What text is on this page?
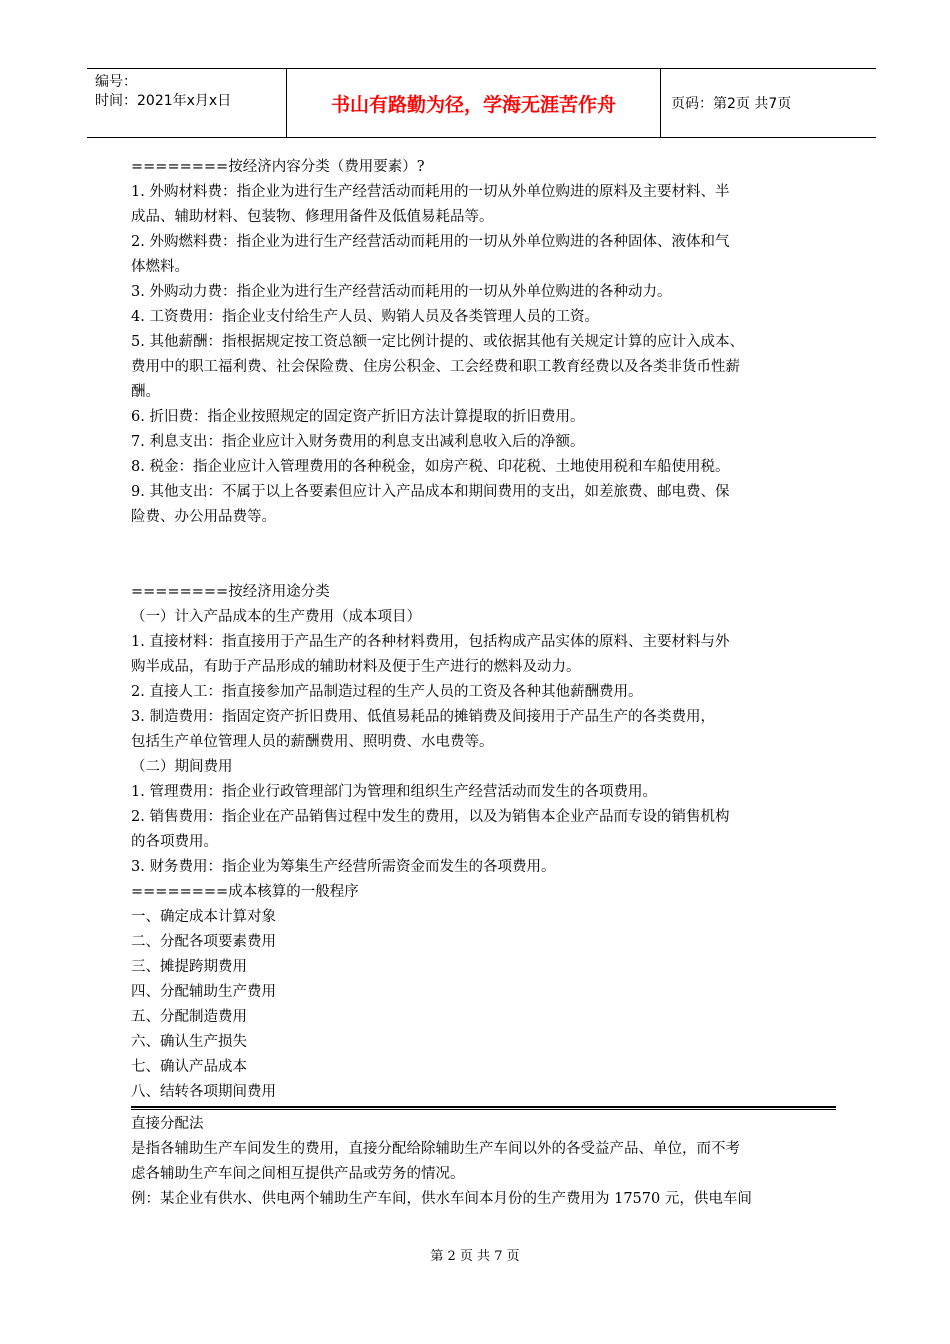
编号：
时间：2021年x月x日	书山有路勤为径，学海无涯苦作舟	页码：第2页 共7页
========按经济内容分类（费用要素）?
1. 外购材料费：指企业为进行生产经营活动而耗用的一切从外单位购进的原料及主要材料、半
成品、辅助材料、包装物、修理用备件及低值易耗品等。
2. 外购燃料费：指企业为进行生产经营活动而耗用的一切从外单位购进的各种固体、液体和气
体燃料。
3. 外购动力费：指企业为进行生产经营活动而耗用的一切从外单位购进的各种动力。
4. 工资费用：指企业支付给生产人员、购销人员及各类管理人员的工资。
5. 其他薪酬：指根据规定按工资总额一定比例计提的、或依据其他有关规定计算的应计入成本、
费用中的职工福利费、社会保险费、住房公积金、工会经费和职工教育经费以及各类非货币性薪
酬。
6. 折旧费：指企业按照规定的固定资产折旧方法计算提取的折旧费用。
7. 利息支出：指企业应计入财务费用的利息支出减利息收入后的净额。
8. 税金：指企业应计入管理费用的各种税金，如房产税、印花税、土地使用税和车船使用税。
9. 其他支出：不属于以上各要素但应计入产品成本和期间费用的支出，如差旅费、邮电费、保
险费、办公用品费等。
========按经济用途分类
（一）计入产品成本的生产费用（成本项目）
1. 直接材料：指直接用于产品生产的各种材料费用，包括构成产品实体的原料、主要材料与外
购半成品，有助于产品形成的辅助材料及便于生产进行的燃料及动力。
2. 直接人工：指直接参加产品制造过程的生产人员的工资及各种其他薪酬费用。
3. 制造费用：指固定资产折旧费用、低值易耗品的摊销费及间接用于产品生产的各类费用，
包括生产单位管理人员的薪酬费用、照明费、水电费等。
（二）期间费用
1. 管理费用：指企业行政管理部门为管理和组织生产经营活动而发生的各项费用。
2. 销售费用：指企业在产品销售过程中发生的费用，以及为销售本企业产品而专设的销售机构
的各项费用。
3. 财务费用：指企业为筹集生产经营所需资金而发生的各项费用。
========成本核算的一般程序
一、确定成本计算对象
二、分配各项要素费用
三、摊提跨期费用
四、分配辅助生产费用
五、分配制造费用
六、确认生产损失
七、确认产品成本
八、结转各项期间费用
直接分配法
是指各辅助生产车间发生的费用，直接分配给除辅助生产车间以外的各受益产品、单位，而不考
虑各辅助生产车间之间相互提供产品或劳务的情况。
例：某企业有供水、供电两个辅助生产车间，供水车间本月份的生产费用为 17570 元，供电车间
第 2 页 共 7 页
